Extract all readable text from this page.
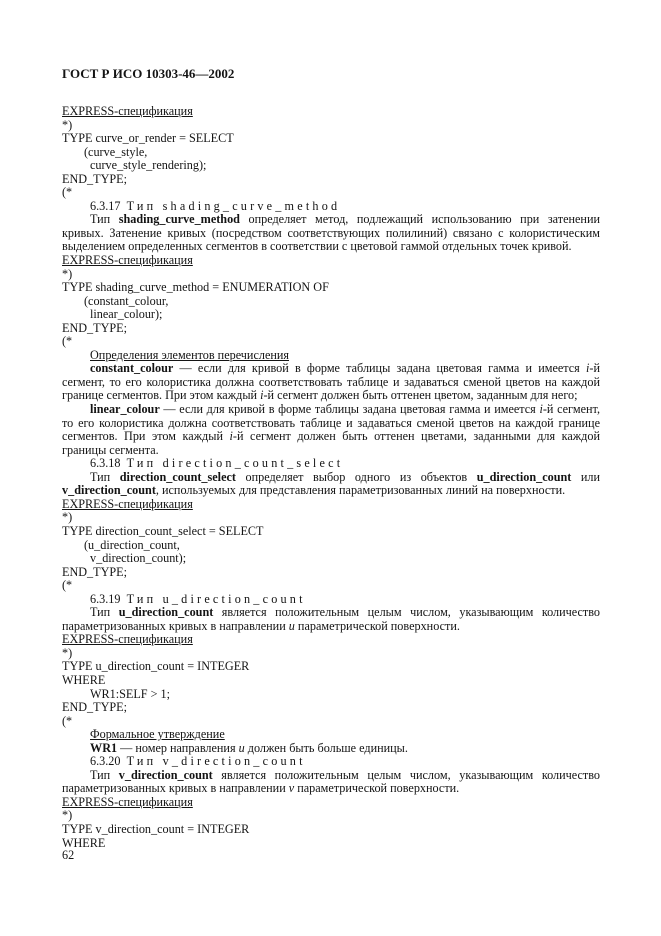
ГОСТ Р ИСО 10303-46—2002
EXPRESS-спецификация
*)
TYPE curve_or_render = SELECT
(curve_style,
curve_style_rendering);
END_TYPE;
(*
6.3.17 Тип shading_curve_method
Тип shading_curve_method определяет метод, подлежащий использованию при затенении кривых. Затенение кривых (посредством соответствующих полилиний) связано с колористическим выделением определенных сегментов в соответствии с цветовой гаммой отдельных точек кривой.
EXPRESS-спецификация
*)
TYPE shading_curve_method = ENUMERATION OF
(constant_colour,
linear_colour);
END_TYPE;
(*
Определения элементов перечисления
constant_colour — если для кривой в форме таблицы задана цветовая гамма и имеется i-й сегмент, то его колористика должна соответствовать таблице и задаваться сменой цветов на каждой границе сегментов. При этом каждый i-й сегмент должен быть оттенен цветом, заданным для него;
linear_colour — если для кривой в форме таблицы задана цветовая гамма и имеется i-й сегмент, то его колористика должна соответствовать таблице и задаваться сменой цветов на каждой границе сегментов. При этом каждый i-й сегмент должен быть оттенен цветами, заданными для каждой границы сегмента.
6.3.18 Тип direction_count_select
Тип direction_count_select определяет выбор одного из объектов u_direction_count или v_direction_count, используемых для представления параметризованных линий на поверхности.
EXPRESS-спецификация
*)
TYPE direction_count_select = SELECT
(u_direction_count,
v_direction_count);
END_TYPE;
(*
6.3.19 Тип u_direction_count
Тип u_direction_count является положительным целым числом, указывающим количество параметризованных кривых в направлении u параметрической поверхности.
EXPRESS-спецификация
*)
TYPE u_direction_count = INTEGER
WHERE
WR1:SELF > 1;
END_TYPE;
(*
Формальное утверждение
WR1 — номер направления u должен быть больше единицы.
6.3.20 Тип v_direction_count
Тип v_direction_count является положительным целым числом, указывающим количество параметризованных кривых в направлении v параметрической поверхности.
EXPRESS-спецификация
*)
TYPE v_direction_count = INTEGER
WHERE
62
